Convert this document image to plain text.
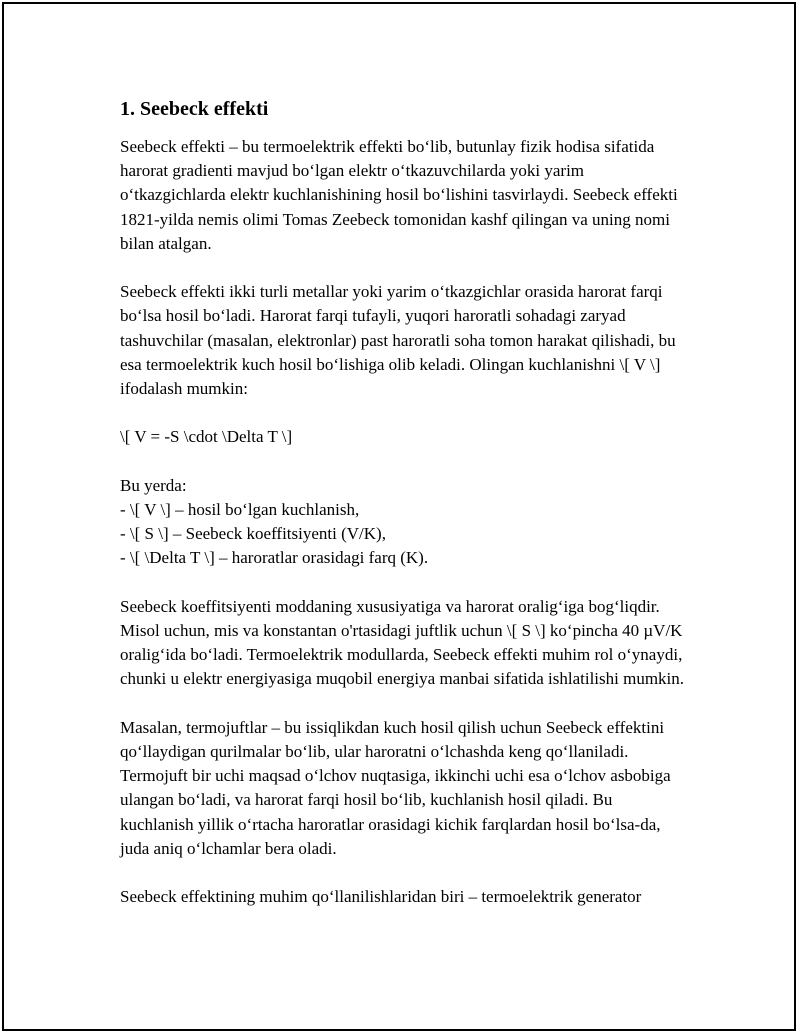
1. Seebeck effekti

Seebeck effekti – bu termoelektrik effekti bo‘lib, butunlay fizik hodisa sifatida harorat gradienti mavjud bo‘lgan elektr o‘tkazuvchilarda yoki yarim o‘tkazgichlarda elektr kuchlanishining hosil bo‘lishini tasvirlaydi. Seebeck effekti 1821-yilda nemis olimi Tomas Zeebeck tomonidan kashf qilingan va uning nomi bilan atalgan.

Seebeck effekti ikki turli metallar yoki yarim o‘tkazgichlar orasida harorat farqi bo‘lsa hosil bo‘ladi. Harorat farqi tufayli, yuqori haroratli sohadagi zaryad tashuvchilar (masalan, elektronlar) past haroratli soha tomon harakat qilishadi, bu esa termoelektrik kuch hosil bo‘lishiga olib keladi. Olingan kuchlanishni \[ V \] ifodalash mumkin:

\[ V = -S \cdot \Delta T \]
Bu yerda:
- \[ V \] – hosil bo‘lgan kuchlanish,
- \[ S \] – Seebeck koeffitsiyenti (V/K),
- \[ \Delta T \] – haroratlar orasidagi farq (K).

Seebeck koeffitsiyenti moddaning xususiyatiga va harorat oralig‘iga bog‘liqdir. Misol uchun, mis va konstantan o'rtasidagi juftlik uchun \[ S \] ko‘pincha 40 µV/K oralig‘ida bo‘ladi. Termoelektrik modullarda, Seebeck effekti muhim rol o‘ynaydi, chunki u elektr energiyasiga muqobil energiya manbai sifatida ishlatilishi mumkin.

Masalan, termojuftlar – bu issiqlikdan kuch hosil qilish uchun Seebeck effektini qo‘llaydigan qurilmalar bo‘lib, ular haroratni o‘lchashda keng qo‘llaniladi. Termojuft bir uchi maqsad o‘lchov nuqtasiga, ikkinchi uchi esa o‘lchov asbobiga ulangan bo‘ladi, va harorat farqi hosil bo‘lib, kuchlanish hosil qiladi. Bu kuchlanish yillik o‘rtacha haroratlar orasidagi kichik farqlardan hosil bo‘lsa-da, juda aniq o‘lchamlar bera oladi.

Seebeck effektining muhim qo‘llanilishlaridan biri – termoelektrik generator
